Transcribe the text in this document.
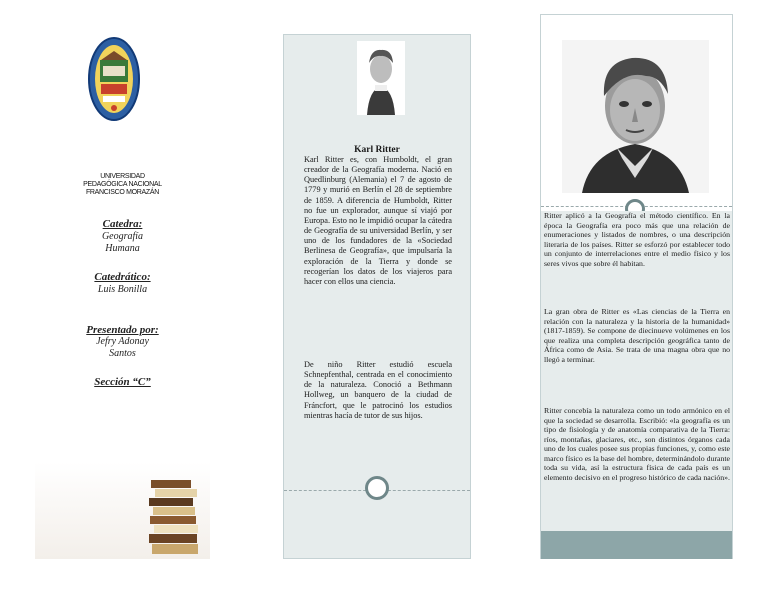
UNIVERSIDAD
PEDAGÓGICA NACIONAL
FRANCISCO MORAZÁN
Catedra:
Geografía
Humana
Catedrático:
Luis Bonilla
Presentado por:
Jefry Adonay
Santos
Sección “C”
Karl Ritter
Karl Ritter es, con Humboldt, el gran creador de la Geografía moderna. Nació en Quedlinburg (Alemania) el 7 de agosto de 1779 y murió en Berlín el 28 de septiembre de 1859. A diferencia de Humboldt, Ritter no fue un explorador, aunque sí viajó por Europa. Esto no le impidió ocupar la cátedra de Geografía de su universidad Berlín, y ser uno de los fundadores de la «Sociedad Berlinesa de Geografía», que impulsaría la exploración de la Tierra y donde se recogerían los datos de los viajeros para hacer con ellos una ciencia.
De niño Ritter estudió escuela Schnepfenthal, centrada en el conocimiento de la naturaleza. Conoció a Bethmann Hollweg, un banquero de la ciudad de Fráncfort, que le patrocinó los estudios mientras hacía de tutor de sus hijos.
Ritter aplicó a la Geografía el método científico. En la época la Geografía era poco más que una relación de enumeraciones y listados de nombres, o una descripción literaria de los países. Ritter se esforzó por establecer todo un conjunto de interrelaciones entre el medio físico y los seres vivos que sobre él habitan.
La gran obra de Ritter es «Las ciencias de la Tierra en relación con la naturaleza y la historia de la humanidad» (1817-1859). Se compone de diecinueve volúmenes en los que realiza una completa descripción geográfica tanto de África como de Asia. Se trata de una magna obra que no llegó a terminar.
Ritter concebía la naturaleza como un todo armónico en el que la sociedad se desarrolla. Escribió: «la geografía es un tipo de fisiología y de anatomía comparativa de la Tierra: ríos, montañas, glaciares, etc., son distintos órganos cada uno de los cuales posee sus propias funciones, y, como este marco físico es la base del hombre, determinándolo durante toda su vida, así la estructura física de cada país es un elemento decisivo en el progreso histórico de cada nación».
